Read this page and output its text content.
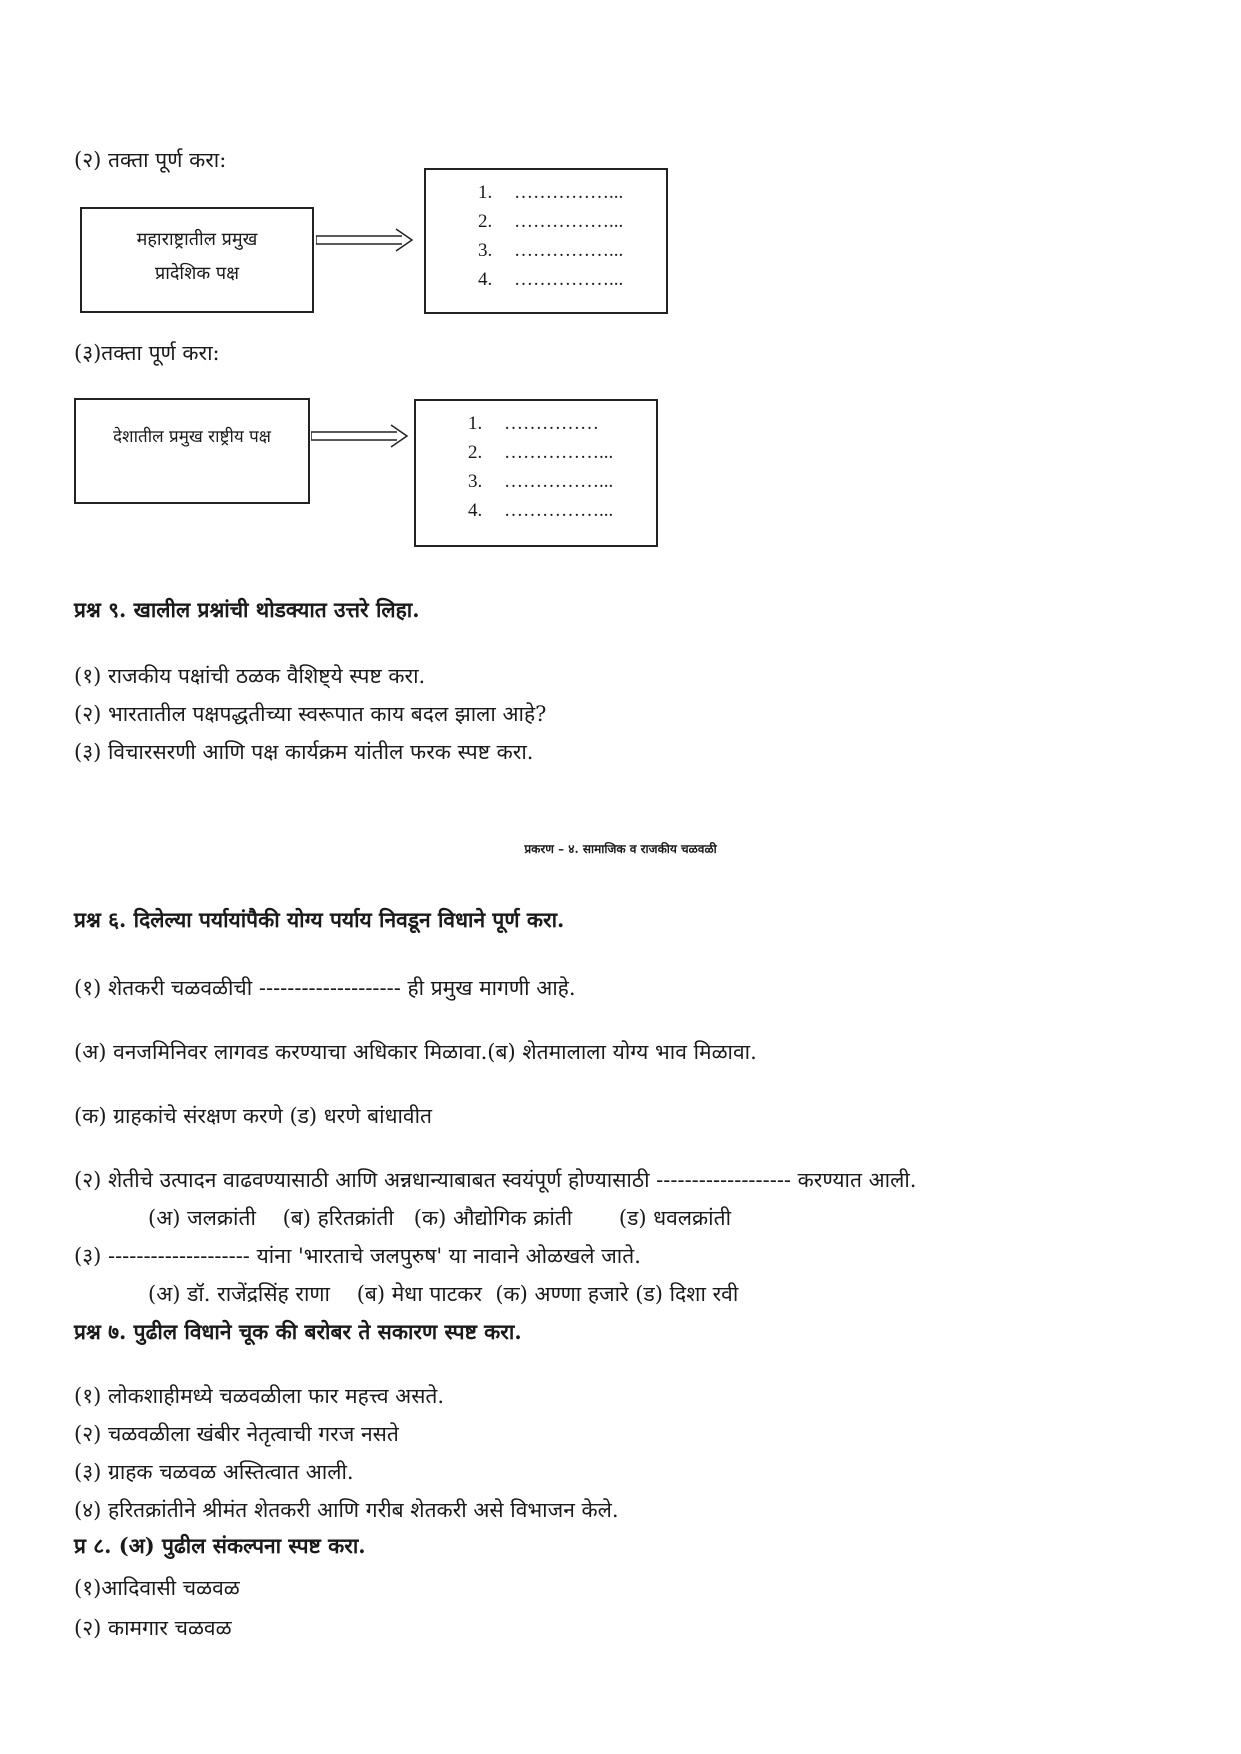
(२) तक्ता पूर्ण करा:
महाराष्ट्रातील प्रमुख
प्रादेशिक पक्ष
1. ……………...
2. ……………...
3. ……………...
4. ……………...
(३)तक्ता पूर्ण करा:
देशातील प्रमुख राष्ट्रीय पक्ष
1. ……………
2. ……………...
3. ……………...
4. ……………...
प्रश्न ९. खालील प्रश्नांची थोडक्यात उत्तरे लिहा.
(१) राजकीय पक्षांची ठळक वैशिष्ट्ये स्पष्ट करा.
(२) भारतातील पक्षपद्धतीच्या स्वरूपात काय बदल झाला आहे?
(३) विचारसरणी आणि पक्ष कार्यक्रम यांतील फरक स्पष्ट करा.
प्रकरण – ४. सामाजिक व राजकीय चळवळी
प्रश्न ६. दिलेल्या पर्यायांपैकी योग्य पर्याय निवडून विधाने पूर्ण करा.
(१) शेतकरी चळवळीची -------------------- ही प्रमुख मागणी आहे.
(अ) वनजमिनिवर लागवड करण्याचा अधिकार मिळावा.(ब) शेतमालाला योग्य भाव मिळावा.
(क) ग्राहकांचे संरक्षण करणे (ड) धरणे बांधावीत
(२) शेतीचे उत्पादन वाढवण्यासाठी आणि अन्नधान्याबाबत स्वयंपूर्ण होण्यासाठी ------------------- करण्यात आली.
(अ) जलक्रांती    (ब) हरितक्रांती   (क) औद्योगिक क्रांती       (ड) धवलक्रांती
(३) -------------------- यांना 'भारताचे जलपुरुष' या नावाने ओळखले जाते.
(अ) डॉ. राजेंद्रसिंह राणा    (ब) मेधा पाटकर  (क) अण्णा हजारे (ड) दिशा रवी
प्रश्न ७. पुढील विधाने चूक की बरोबर ते सकारण स्पष्ट करा.
(१) लोकशाहीमध्ये चळवळीला फार महत्त्व असते.
(२) चळवळीला खंबीर नेतृत्वाची गरज नसते
(३) ग्राहक चळवळ अस्तित्वात आली.
(४) हरितक्रांतीने श्रीमंत शेतकरी आणि गरीब शेतकरी असे विभाजन केले.
प्र ८. (अ) पुढील संकल्पना स्पष्ट करा.
(१)आदिवासी चळवळ
(२) कामगार चळवळ
